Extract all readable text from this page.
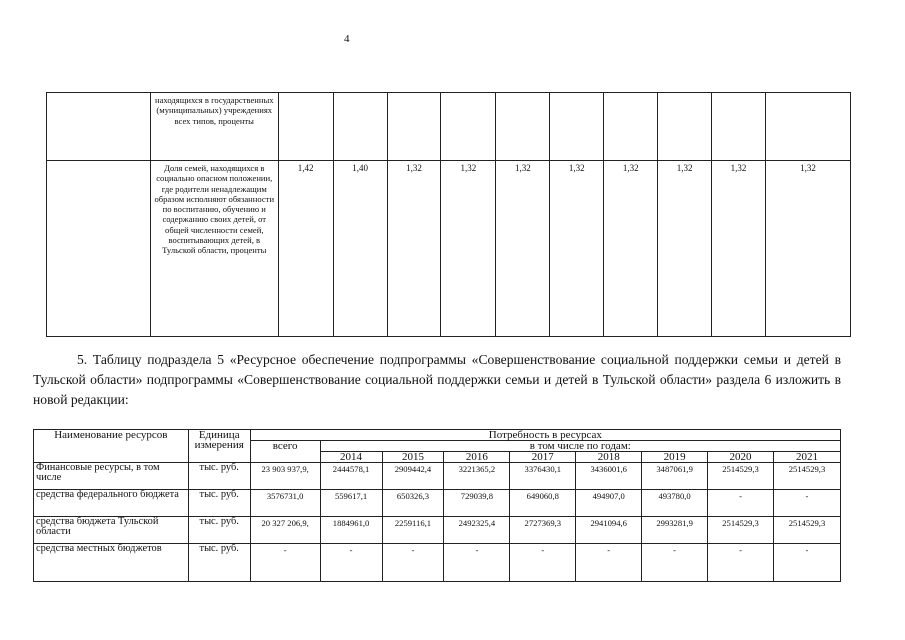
4
	находящихся в государственных (муниципальных) учреждениях всех типов, проценты										
	Доля семей, находящихся в социально опасном положении, где родители ненадлежащим образом исполняют обязанности по воспитанию, обучению и содержанию своих детей, от общей численности семей, воспитывающих детей, в Тульской области, проценты	1,42	1,40	1,32	1,32	1,32	1,32	1,32	1,32	1,32	1,32

5. Таблицу подраздела 5 «Ресурсное обеспечение подпрограммы «Совершенствование социальной поддержки семьи и детей в Тульской области» подпрограммы «Совершенствование социальной поддержки семьи и детей в Тульской области» раздела 6 изложить в новой редакции:

Наименование ресурсов	Единица измерения	Потребность в ресурсах								
		всего	в том числе по годам:							
			2014	2015	2016	2017	2018	2019	2020	2021
Финансовые ресурсы, в том числе	тыс. руб.	23 903 937,9,	2444578,1	2909442,4	3221365,2	3376430,1	3436001,6	3487061,9	2514529,3	2514529,3
средства федерального бюджета	тыс. руб.	3576731,0	559617,1	650326,3	729039,8	649060,8	494907,0	493780,0	-	-
средства бюджета Тульской области	тыс. руб.	20 327 206,9,	1884961,0	2259116,1	2492325,4	2727369,3	2941094,6	2993281,9	2514529,3	2514529,3
средства местных бюджетов	тыс. руб.	-	-	-	-	-	-	-	-	-
